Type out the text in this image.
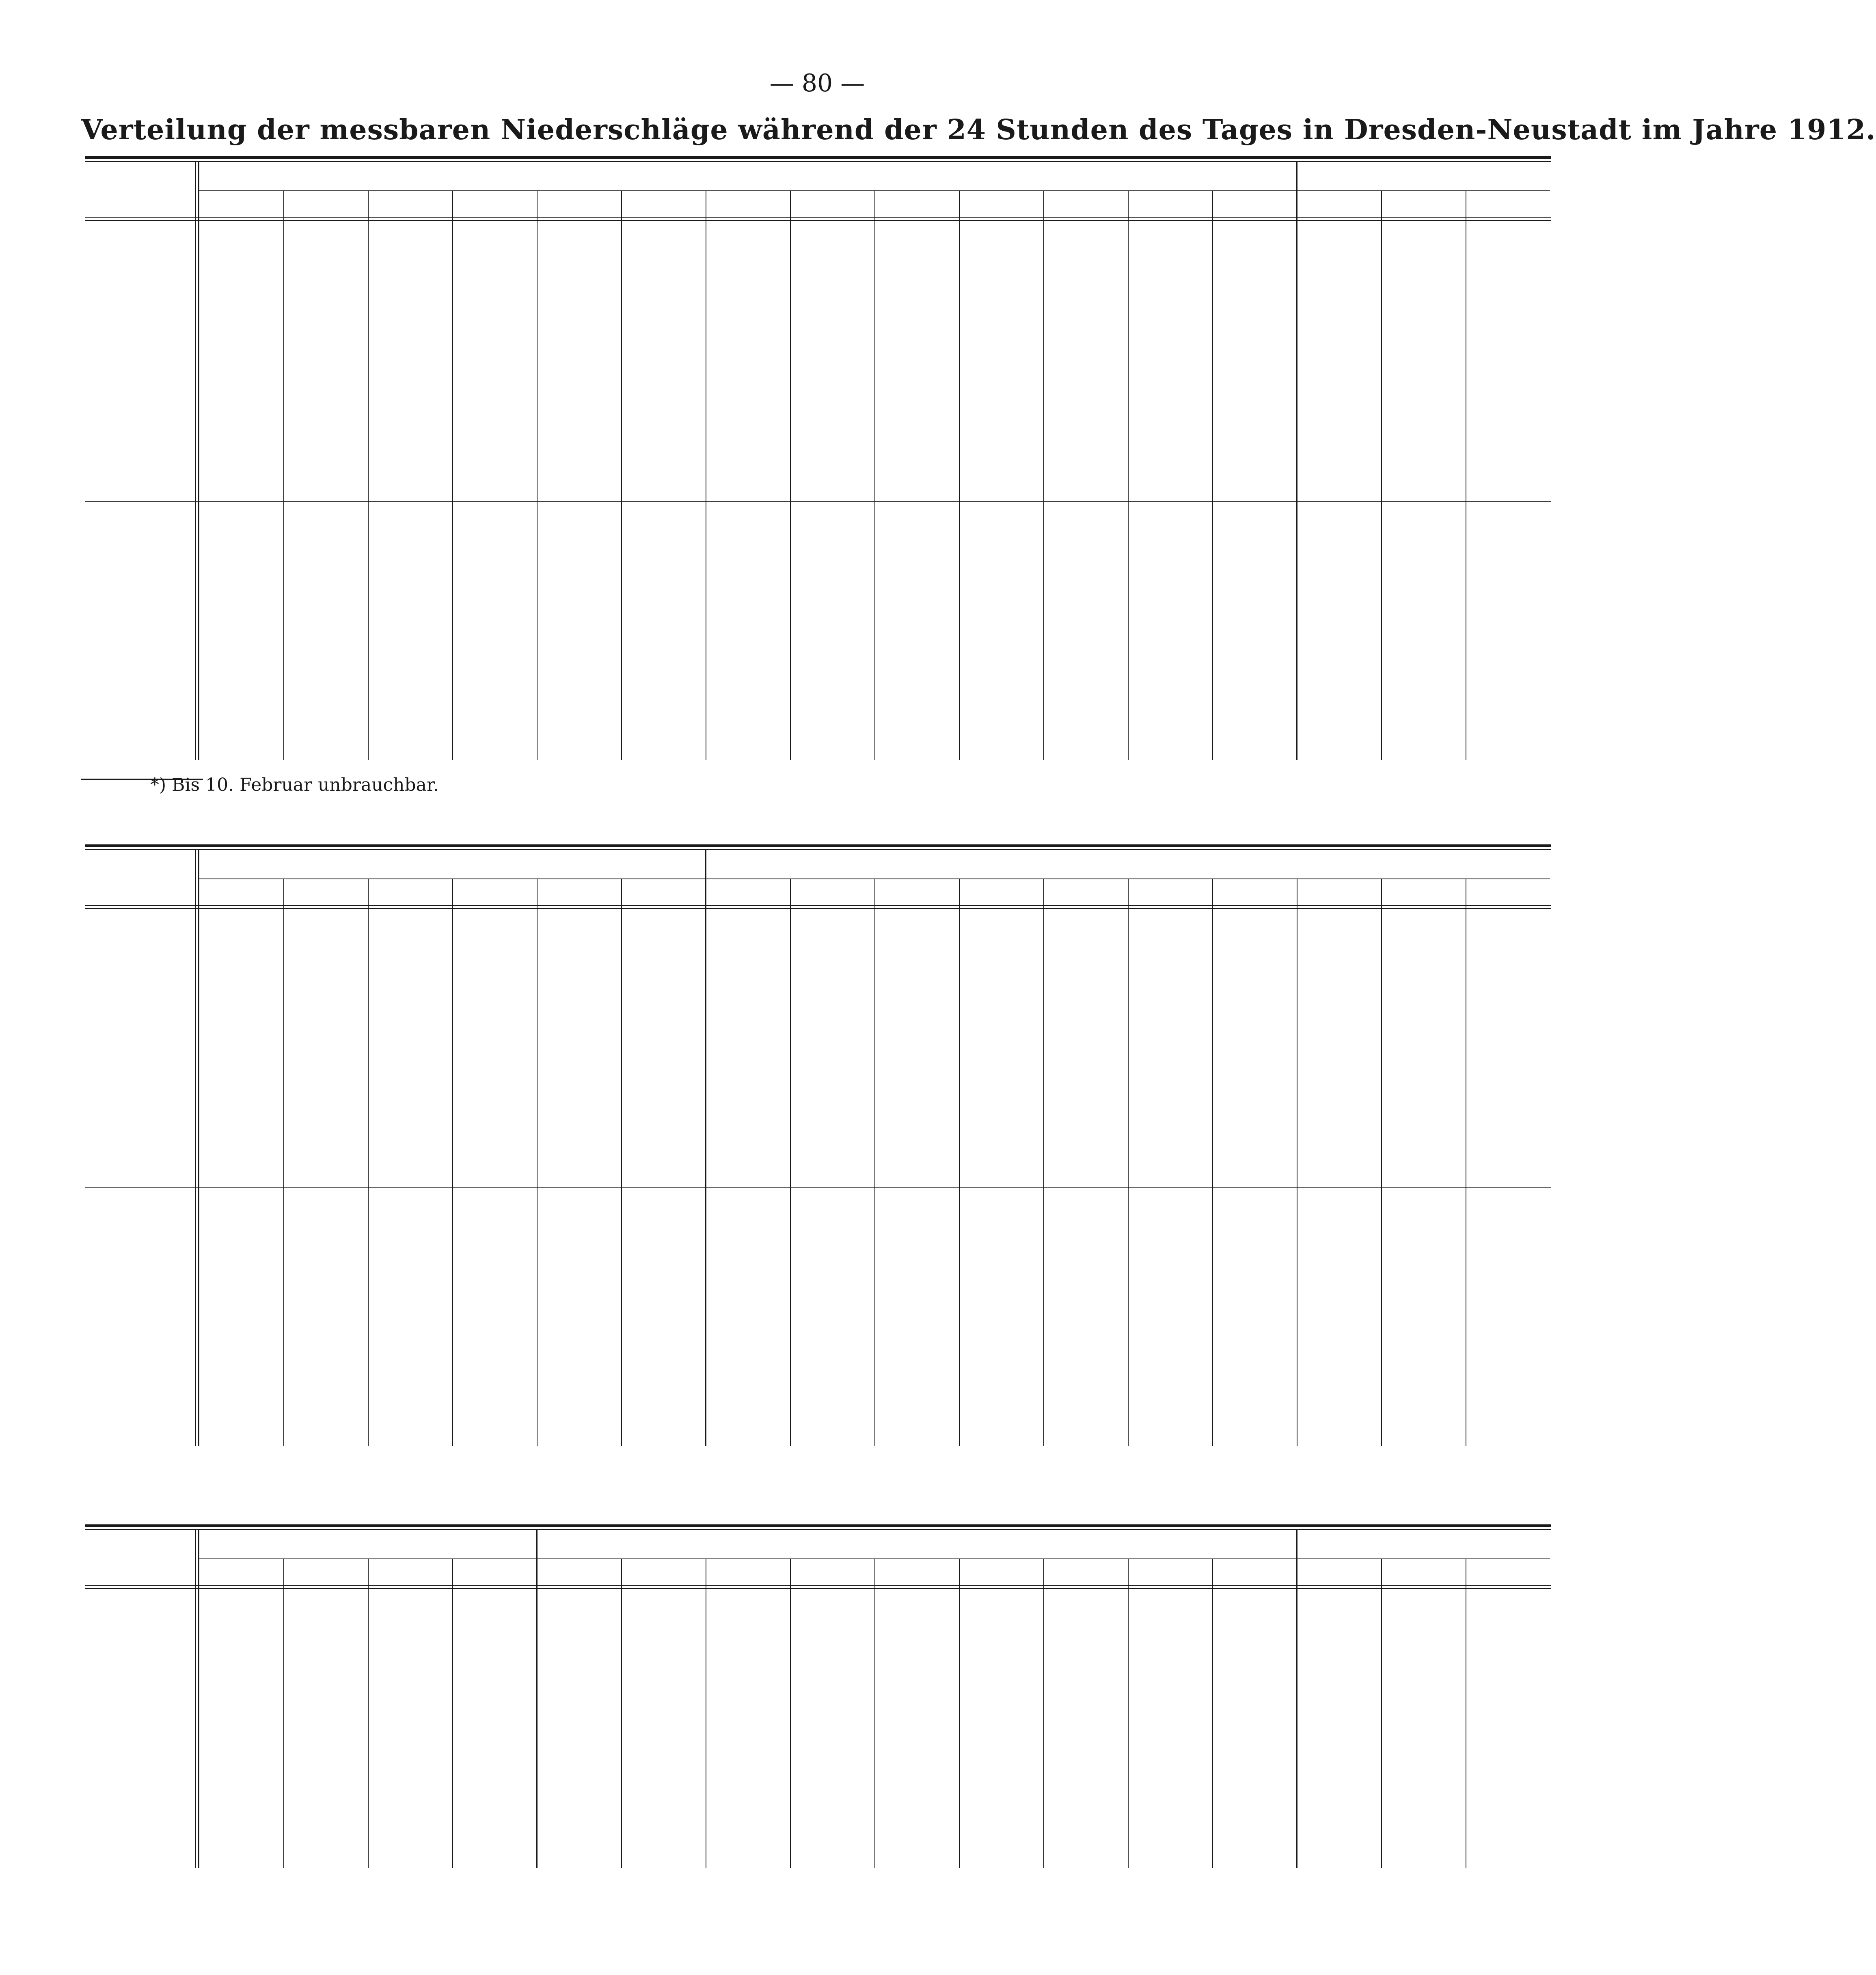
— 80 —
Verteilung der messbaren Niederschläge während der 24 Stunden des Tages in Dresden-Neustadt im Jahre 1912.
*) Bis 10. Februar unbrauchbar.
